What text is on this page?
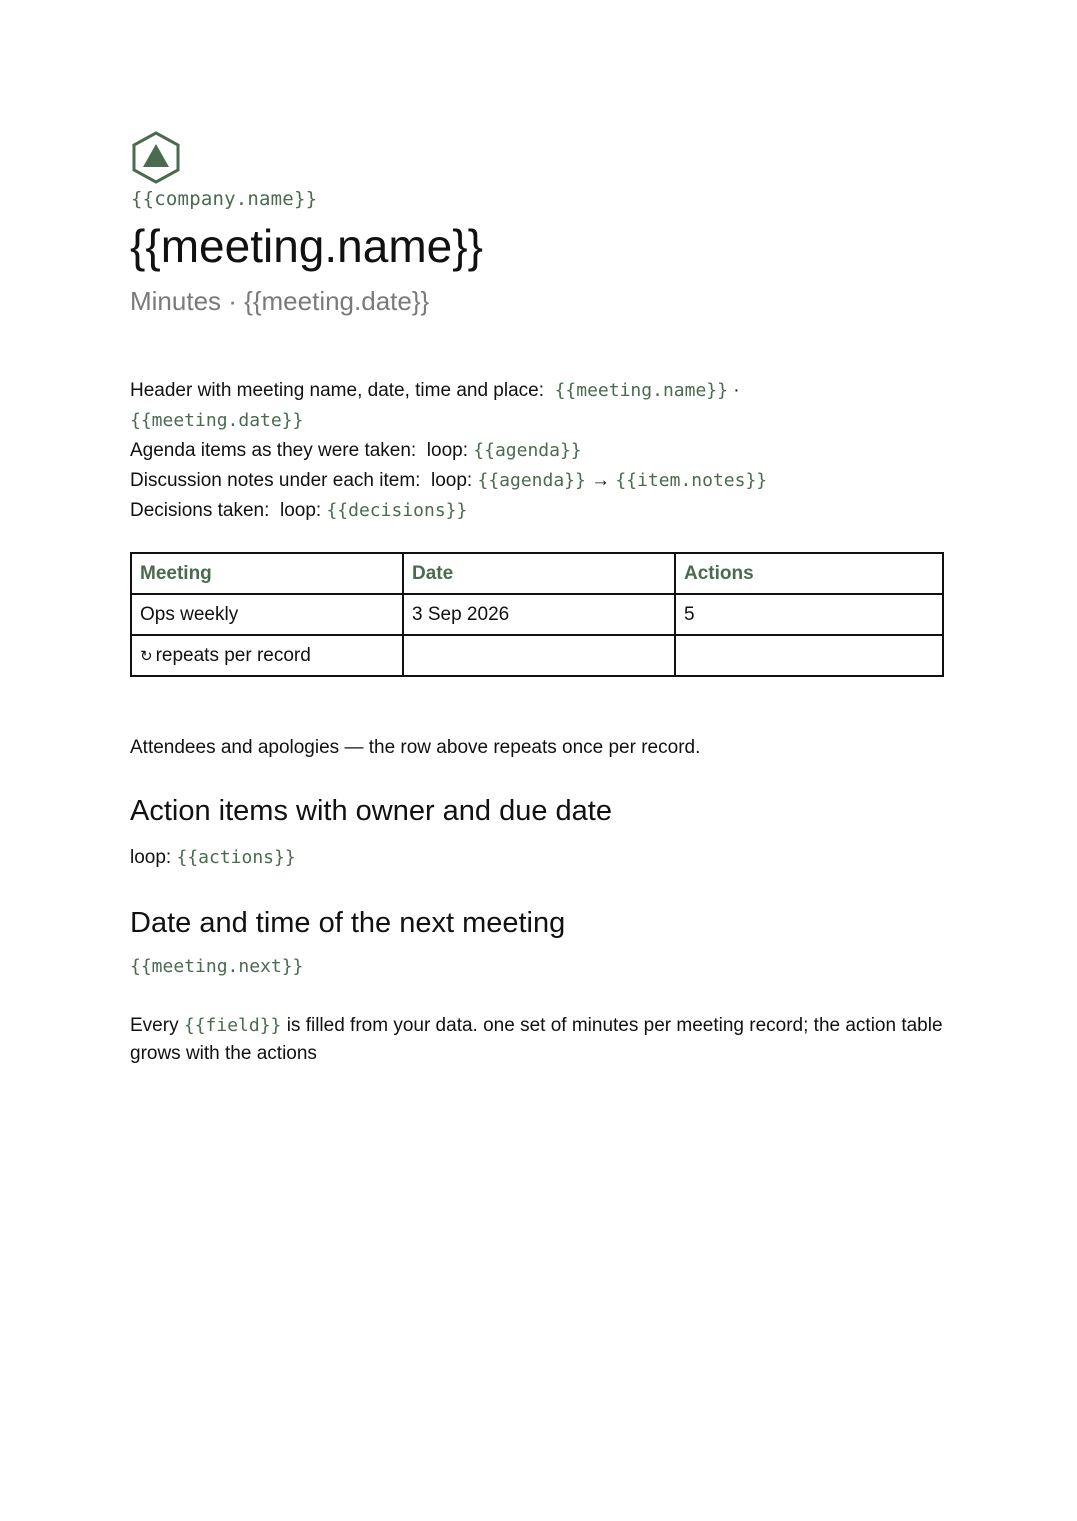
{{company.name}}
{{meeting.name}}
Minutes · {{meeting.date}}
Header with meeting name, date, time and place: {{meeting.name}} ·
{{meeting.date}}
Agenda items as they were taken: loop: {{agenda}}
Discussion notes under each item: loop: {{agenda}} → {{item.notes}}
Decisions taken: loop: {{decisions}}
Meeting	Date	Actions
Ops weekly	3 Sep 2026	5
↻ repeats per record		
Attendees and apologies — the row above repeats once per record.
Action items with owner and due date
loop: {{actions}}
Date and time of the next meeting
{{meeting.next}}
Every {{field}} is filled from your data. one set of minutes per meeting record; the action table grows with the actions
